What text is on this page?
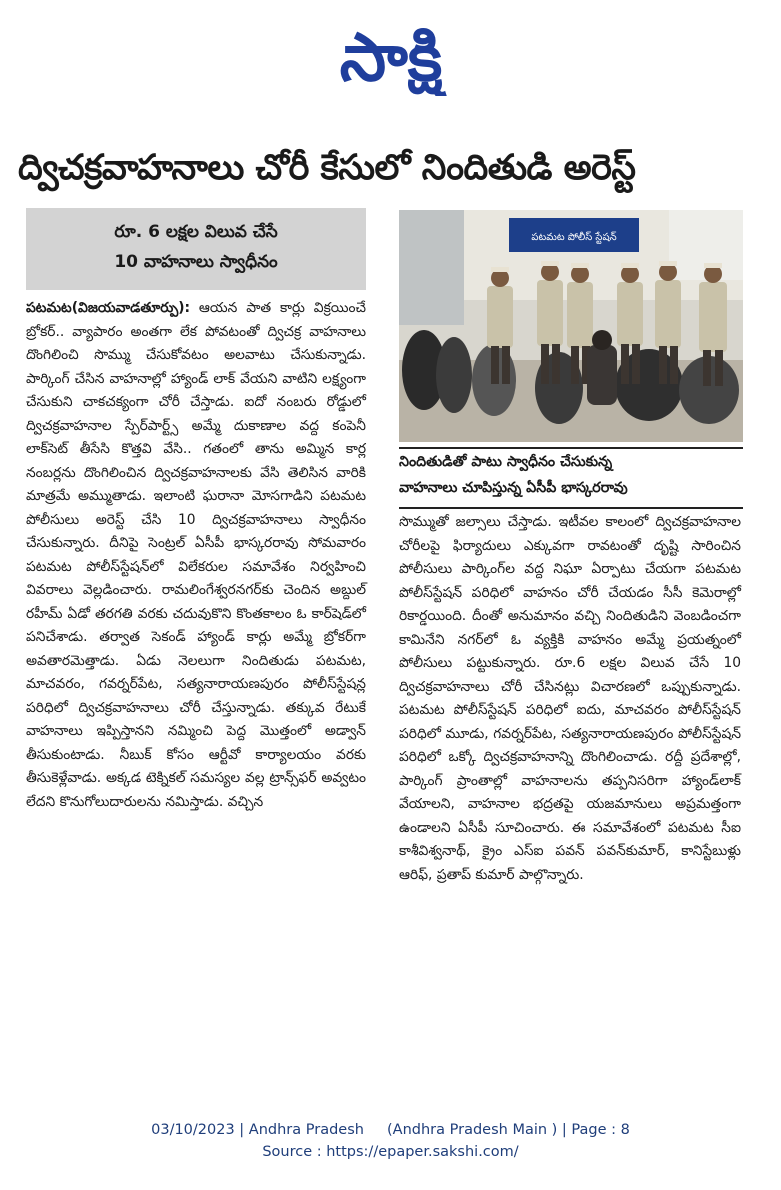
సాక్షి
ద్విచక్రవాహనాలు చోరీ కేసులో నిందితుడి అరెస్ట్
రూ. 6 లక్షల విలువ చేసే
10 వాహనాలు స్వాధీనం

పటమట(విజయవాడతూర్పు): ఆయన పాత కార్లు విక్రయించే బ్రోకర్.. వ్యాపారం అంతగా లేక పోవటంతో ద్విచక్ర వాహనాలు దొంగిలించి సొమ్ము చేసుకోవటం అలవాటు చేసుకున్నాడు. పార్కింగ్ చేసిన వాహనాల్లో హ్యాండ్ లాక్ వేయని వాటిని లక్ష్యంగా చేసుకుని చాకచక్యంగా చోరీ చేస్తాడు. ఐదో నంబరు రోడ్డులో ద్విచక్రవాహనాల స్పేర్‌పార్ట్స్ అమ్మే దుకాణాల వద్ద కంపెనీ లాక్‌సెట్ తీసేసి కొత్తవి వేసి.. గతంలో తాను అమ్మిన కార్ల నంబర్లను దొంగిలించిన ద్విచక్రవాహనాలకు వేసి తెలిసిన వారికి మాత్రమే అమ్ముతాడు. ఇలాంటి ఘరానా మోసగాడిని పటమట పోలీసులు అరెస్ట్ చేసి 10 ద్విచక్రవాహనాలు స్వాధీనం చేసుకున్నారు. దీనిపై సెంట్రల్ ఏసీపీ భాస్కరరావు సోమవారం పటమట పోలీస్‌స్టేషన్‌లో విలేకరుల సమావేశం నిర్వహించి వివరాలు వెల్లడించారు. రామలింగేశ్వరనగర్‌కు చెందిన అబ్దుల్ రహీమ్ ఏడో తరగతి వరకు చదువుకొని కొంతకాలం ఓ కార్‌షెడ్‌లో పనిచేశాడు. తర్వాత సెకండ్ హ్యాండ్ కార్లు అమ్మే బ్రోకర్‌గా అవతారమెత్తాడు. ఏడు నెలలుగా నిందితుడు పటమట, మాచవరం, గవర్నర్‌పేట, సత్యనారాయణపురం పోలీస్‌స్టేషన్ల పరిధిలో ద్విచక్రవాహనాలు చోరీ చేస్తున్నాడు. తక్కువ రేటుకే వాహనాలు ఇప్పిస్తానని నమ్మించి పెద్ద మొత్తంలో అడ్వాన్ తీసుకుంటాడు. నీబుక్ కోసం ఆర్టీవో కార్యాలయం వరకు తీసుకెళ్లేవాడు. అక్కడ టెక్నికల్ సమస్యల వల్ల ట్రాన్స్‌ఫర్ అవ్వటం లేదని కొనుగోలుదారులను నమిస్తాడు. వచ్చిన

పటమట పోలీస్ స్టేషన్
నిందితుడితో పాటు స్వాధీనం చేసుకున్న
వాహనాలు చూపిస్తున్న ఏసీపీ భాస్కరరావు

సొమ్ముతో జల్సాలు చేస్తాడు. ఇటీవల కాలంలో ద్విచక్రవాహనాల చోరీలపై ఫిర్యాదులు ఎక్కువగా రావటంతో దృష్టి సారించిన పోలీసులు పార్కింగ్‌ల వద్ద నిఘా ఏర్పాటు చేయగా పటమట పోలీస్‌స్టేషన్ పరిధిలో వాహనం చోరీ చేయడం సీసీ కెమెరాల్లో రికార్డయింది. దీంతో అనుమానం వచ్చి నిందితుడిని వెంబడించగా కామినేని నగర్‌లో ఓ వ్యక్తికి వాహనం అమ్మే ప్రయత్నంలో పోలీసులు పట్టుకున్నారు. రూ.6 లక్షల విలువ చేసే 10 ద్విచక్రవాహనాలు చోరీ చేసినట్లు విచారణలో ఒప్పుకున్నాడు. పటమట పోలీస్‌స్టేషన్ పరిధిలో ఐదు, మాచవరం పోలీస్‌స్టేషన్ పరిధిలో మూడు, గవర్నర్‌పేట, సత్యనారాయణపురం పోలీస్‌స్టేషన్ పరిధిలో ఒక్కో ద్విచక్రవాహనాన్ని దొంగిలించాడు. రద్దీ ప్రదేశాల్లో, పార్కింగ్ ప్రాంతాల్లో వాహనాలను తప్పనిసరిగా హ్యాండ్‌లాక్ వేయాలని, వాహనాల భద్రతపై యజమానులు అప్రమత్తంగా ఉండాలని ఏసీపీ సూచించారు. ఈ సమావేశంలో పటమట సీఐ కాశీవిశ్వనాథ్, క్రైం ఎస్ఐ పవన్ పవన్‌కుమార్, కానిస్టేబుళ్లు ఆరిఫ్, ప్రతాప్ కుమార్ పాల్గొన్నారు.

03/10/2023 | Andhra Pradesh     (Andhra Pradesh Main ) | Page : 8
Source : https://epaper.sakshi.com/
